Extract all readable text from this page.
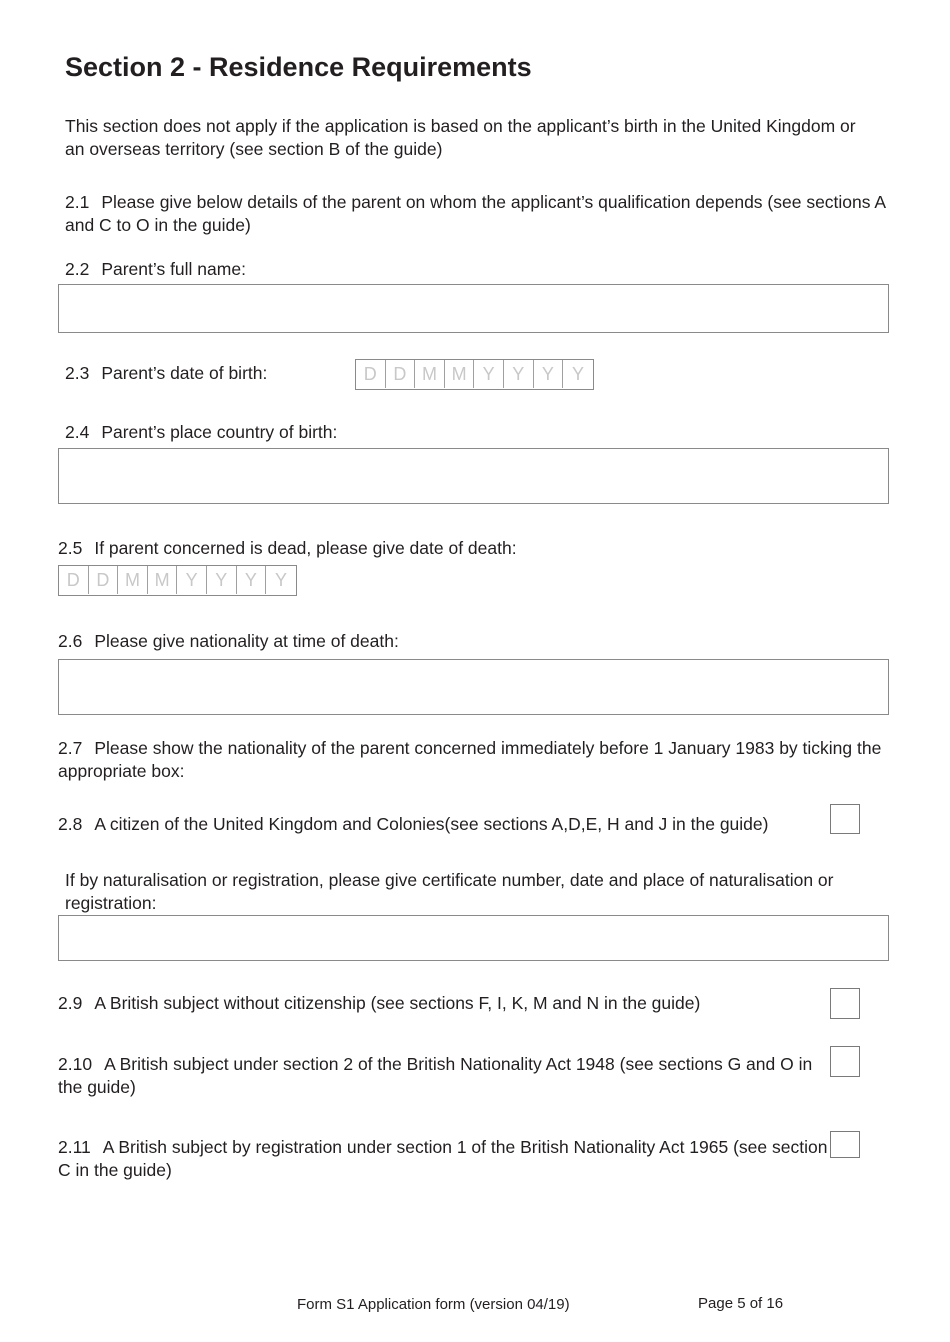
Section 2 - Residence Requirements
This section does not apply if the application is based on the applicant’s birth in the United Kingdom or an overseas territory (see section B of the guide)
2.1 Please give below details of the parent on whom the applicant’s qualification depends (see sections A and C to O in the guide)
2.2 Parent’s full name:
2.3 Parent’s date of birth:	D D M M Y Y Y	Y
2.4 Parent’s place country of birth:
2.5 If parent concerned is dead, please give date of death:
D D M M Y Y Y	Y
2.6 Please give nationality at time of death:
2.7 Please show the nationality of the parent concerned immediately before 1 January 1983 by ticking the appropriate box:
2.8 A citizen of the United Kingdom and Colonies(see sections A,D,E, H and J in the guide)
If by naturalisation or registration, please give certificate number, date and place of naturalisation or registration:
2.9 A British subject without citizenship (see sections F, I, K, M and N in the guide)
2.10 A British subject under section 2 of the British Nationality Act 1948 (see sections G and O in the guide)
2.11 A British subject by registration under section 1 of the British Nationality Act 1965 (see section C in the guide)
Form S1 Application form (version 04/19)	Page 5 of 16
